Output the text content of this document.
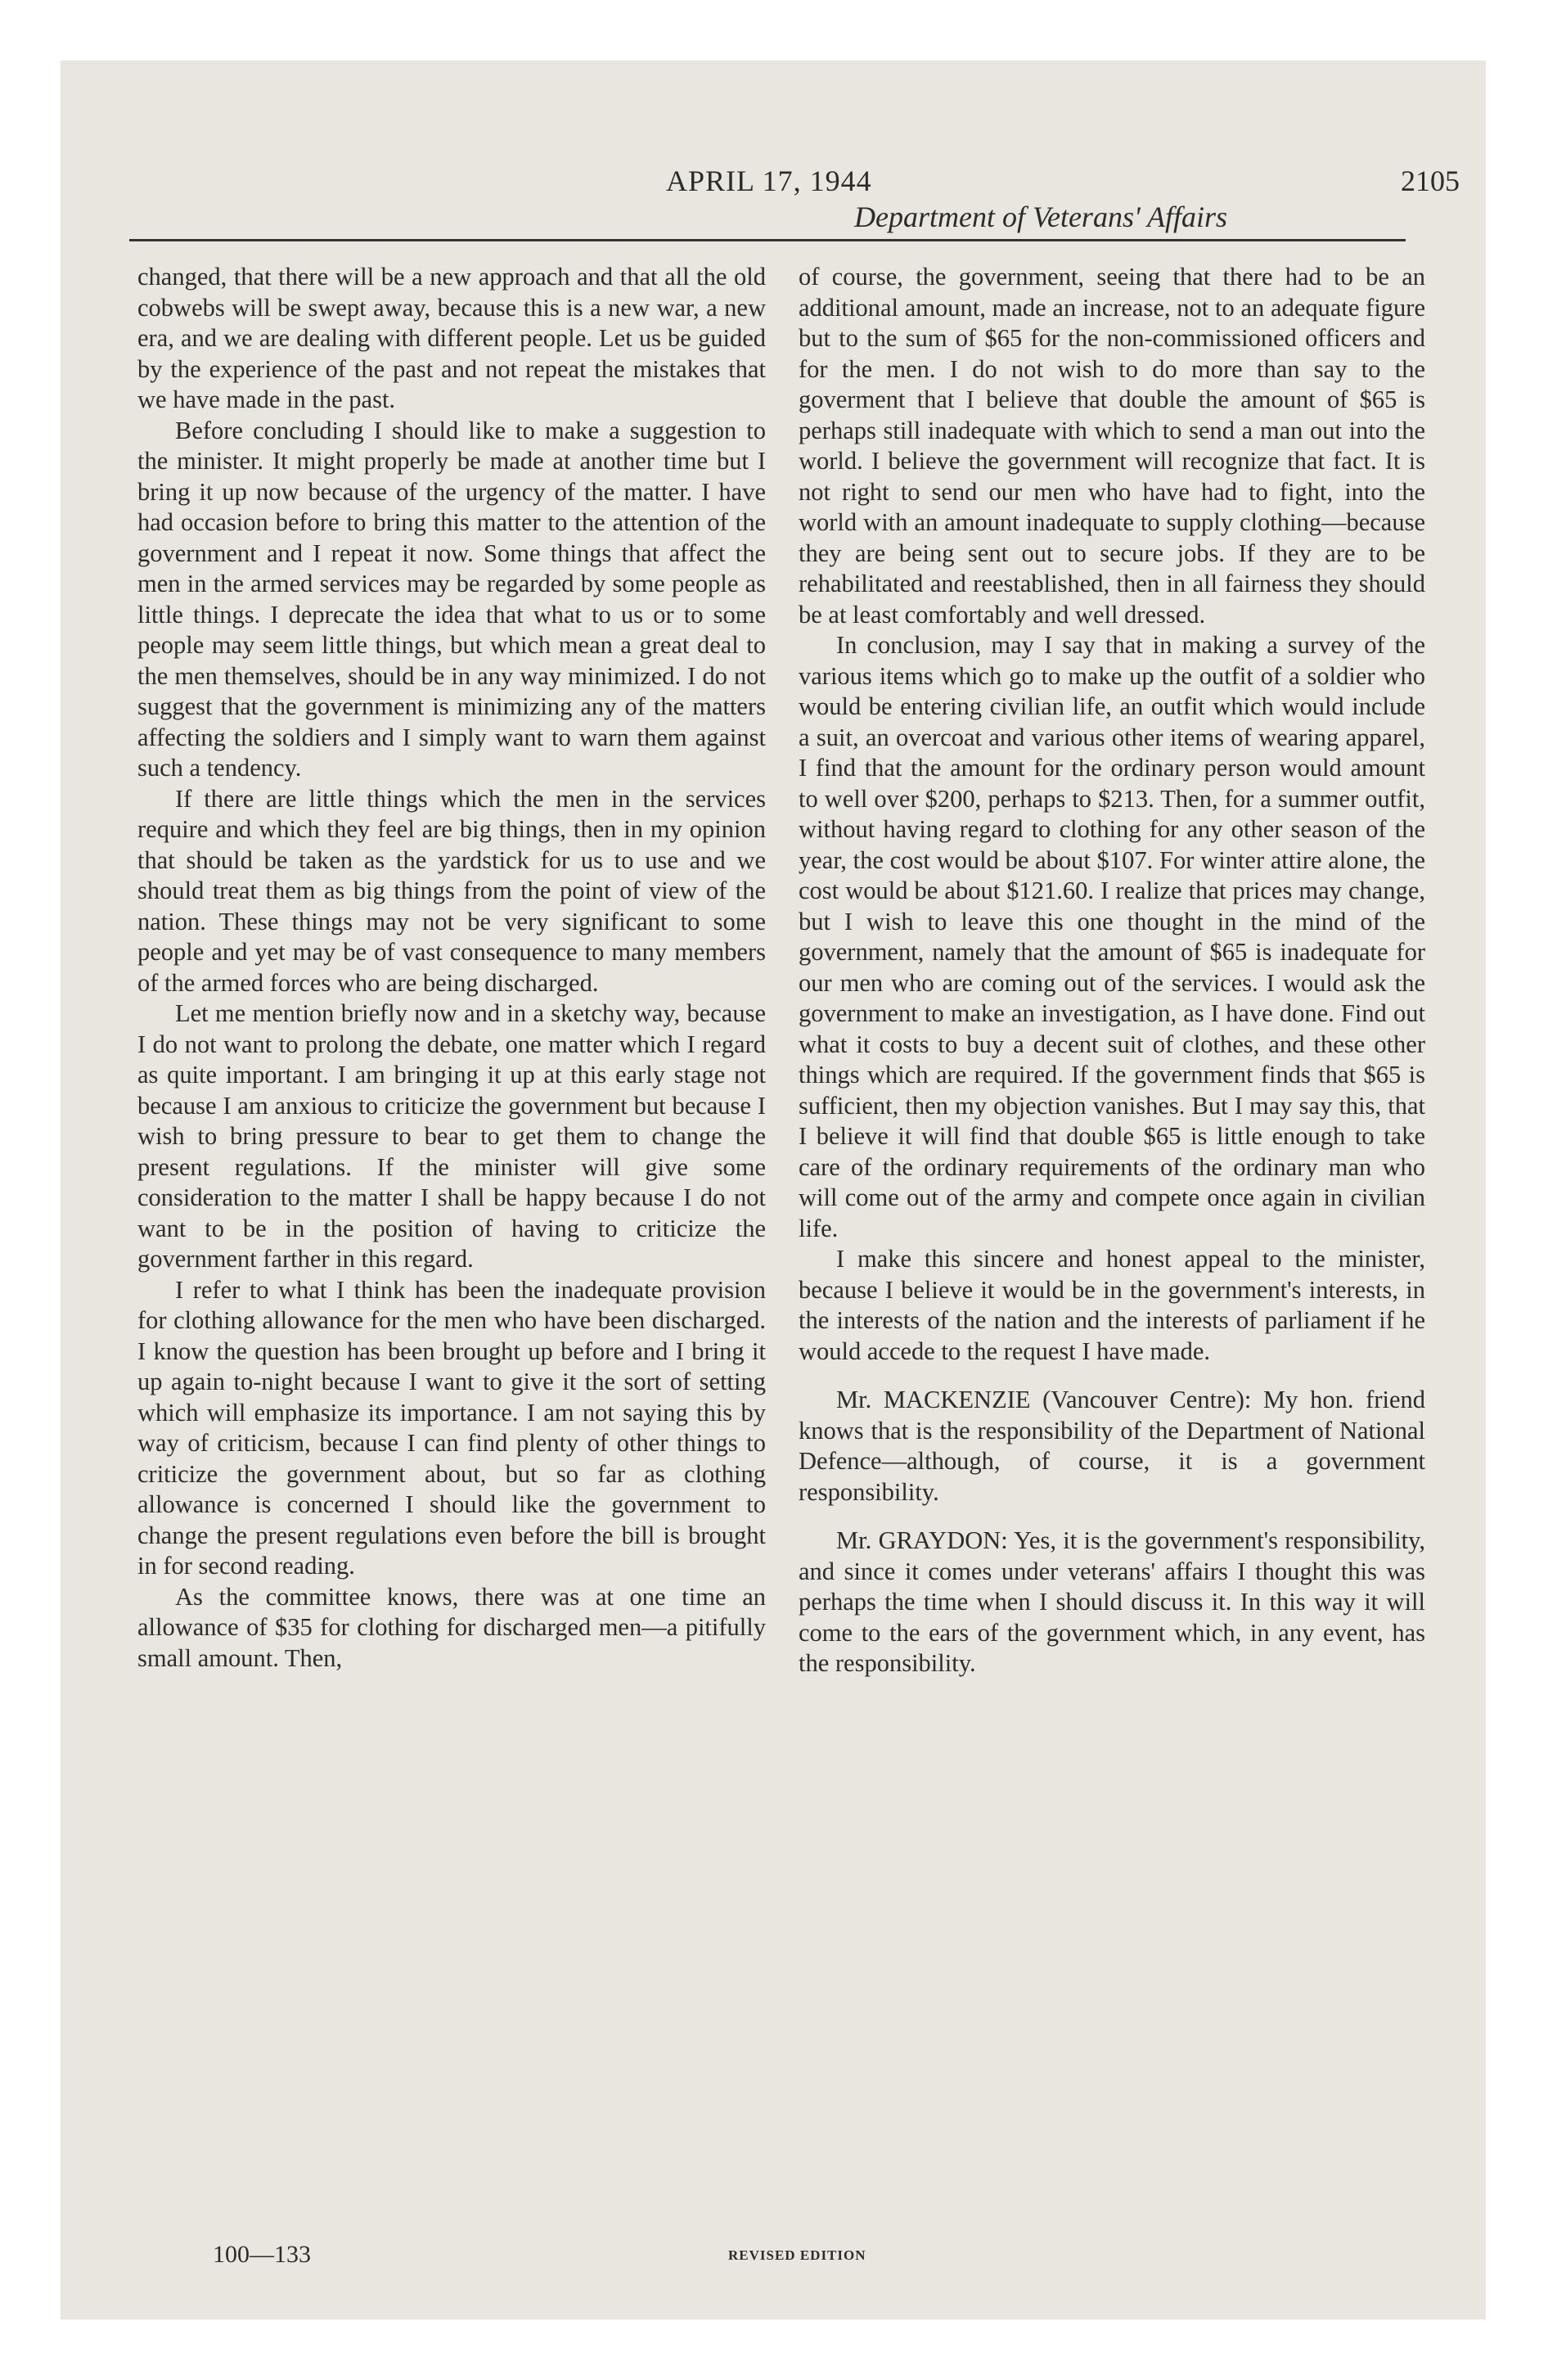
APRIL 17, 1944	2105
Department of Veterans' Affairs

changed, that there will be a new approach and that all the old cobwebs will be swept away, because this is a new war, a new era, and we are dealing with different people. Let us be guided by the experience of the past and not repeat the mistakes that we have made in the past.

Before concluding I should like to make a suggestion to the minister. It might properly be made at another time but I bring it up now because of the urgency of the matter. I have had occasion before to bring this matter to the attention of the government and I repeat it now. Some things that affect the men in the armed services may be regarded by some people as little things. I deprecate the idea that what to us or to some people may seem little things, but which mean a great deal to the men themselves, should be in any way minimized. I do not suggest that the government is minimizing any of the matters affecting the soldiers and I simply want to warn them against such a tendency.

If there are little things which the men in the services require and which they feel are big things, then in my opinion that should be taken as the yardstick for us to use and we should treat them as big things from the point of view of the nation. These things may not be very significant to some people and yet may be of vast consequence to many members of the armed forces who are being discharged.

Let me mention briefly now and in a sketchy way, because I do not want to prolong the debate, one matter which I regard as quite important. I am bringing it up at this early stage not because I am anxious to criticize the government but because I wish to bring pressure to bear to get them to change the present regulations. If the minister will give some consideration to the matter I shall be happy because I do not want to be in the position of having to criticize the government farther in this regard.

I refer to what I think has been the inadequate provision for clothing allowance for the men who have been discharged. I know the question has been brought up before and I bring it up again to-night because I want to give it the sort of setting which will emphasize its importance. I am not saying this by way of criticism, because I can find plenty of other things to criticize the government about, but so far as clothing allowance is concerned I should like the government to change the present regulations even before the bill is brought in for second reading.

As the committee knows, there was at one time an allowance of $35 for clothing for discharged men—a pitifully small amount. Then,

of course, the government, seeing that there had to be an additional amount, made an increase, not to an adequate figure but to the sum of $65 for the non-commissioned officers and for the men. I do not wish to do more than say to the goverment that I believe that double the amount of $65 is perhaps still inadequate with which to send a man out into the world. I believe the government will recognize that fact. It is not right to send our men who have had to fight, into the world with an amount inadequate to supply clothing—because they are being sent out to secure jobs. If they are to be rehabilitated and reestablished, then in all fairness they should be at least comfortably and well dressed.

In conclusion, may I say that in making a survey of the various items which go to make up the outfit of a soldier who would be entering civilian life, an outfit which would include a suit, an overcoat and various other items of wearing apparel, I find that the amount for the ordinary person would amount to well over $200, perhaps to $213. Then, for a summer outfit, without having regard to clothing for any other season of the year, the cost would be about $107. For winter attire alone, the cost would be about $121.60. I realize that prices may change, but I wish to leave this one thought in the mind of the government, namely that the amount of $65 is inadequate for our men who are coming out of the services. I would ask the government to make an investigation, as I have done. Find out what it costs to buy a decent suit of clothes, and these other things which are required. If the government finds that $65 is sufficient, then my objection vanishes. But I may say this, that I believe it will find that double $65 is little enough to take care of the ordinary requirements of the ordinary man who will come out of the army and compete once again in civilian life.

I make this sincere and honest appeal to the minister, because I believe it would be in the government's interests, in the interests of the nation and the interests of parliament if he would accede to the request I have made.

Mr. MACKENZIE (Vancouver Centre): My hon. friend knows that is the responsibility of the Department of National Defence—although, of course, it is a government responsibility.

Mr. GRAYDON: Yes, it is the government's responsibility, and since it comes under veterans' affairs I thought this was perhaps the time when I should discuss it. In this way it will come to the ears of the government which, in any event, has the responsibility.

100—133	REVISED EDITION
